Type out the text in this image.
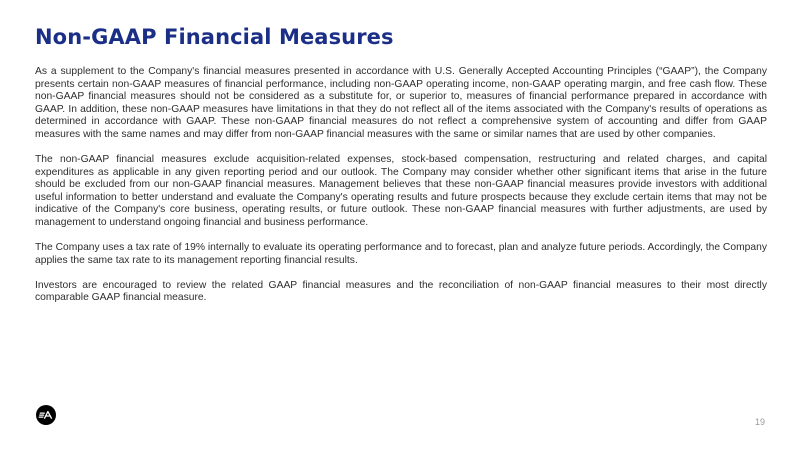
Non-GAAP Financial Measures

As a supplement to the Company's financial measures presented in accordance with U.S. Generally Accepted Accounting Principles (“GAAP”), the Company presents certain non-GAAP measures of financial performance, including non-GAAP operating income, non-GAAP operating margin, and free cash flow. These non-GAAP financial measures should not be considered as a substitute for, or superior to, measures of financial performance prepared in accordance with GAAP. In addition, these non-GAAP measures have limitations in that they do not reflect all of the items associated with the Company's results of operations as determined in accordance with GAAP. These non-GAAP financial measures do not reflect a comprehensive system of accounting and differ from GAAP measures with the same names and may differ from non-GAAP financial measures with the same or similar names that are used by other companies.

The non-GAAP financial measures exclude acquisition-related expenses, stock-based compensation, restructuring and related charges, and capital expenditures as applicable in any given reporting period and our outlook. The Company may consider whether other significant items that arise in the future should be excluded from our non-GAAP financial measures. Management believes that these non-GAAP financial measures provide investors with additional useful information to better understand and evaluate the Company's operating results and future prospects because they exclude certain items that may not be indicative of the Company's core business, operating results, or future outlook. These non-GAAP financial measures with further adjustments, are used by management to understand ongoing financial and business performance.

The Company uses a tax rate of 19% internally to evaluate its operating performance and to forecast, plan and analyze future periods. Accordingly, the Company applies the same tax rate to its management reporting financial results.

Investors are encouraged to review the related GAAP financial measures and the reconciliation of non-GAAP financial measures to their most directly comparable GAAP financial measure.

19
